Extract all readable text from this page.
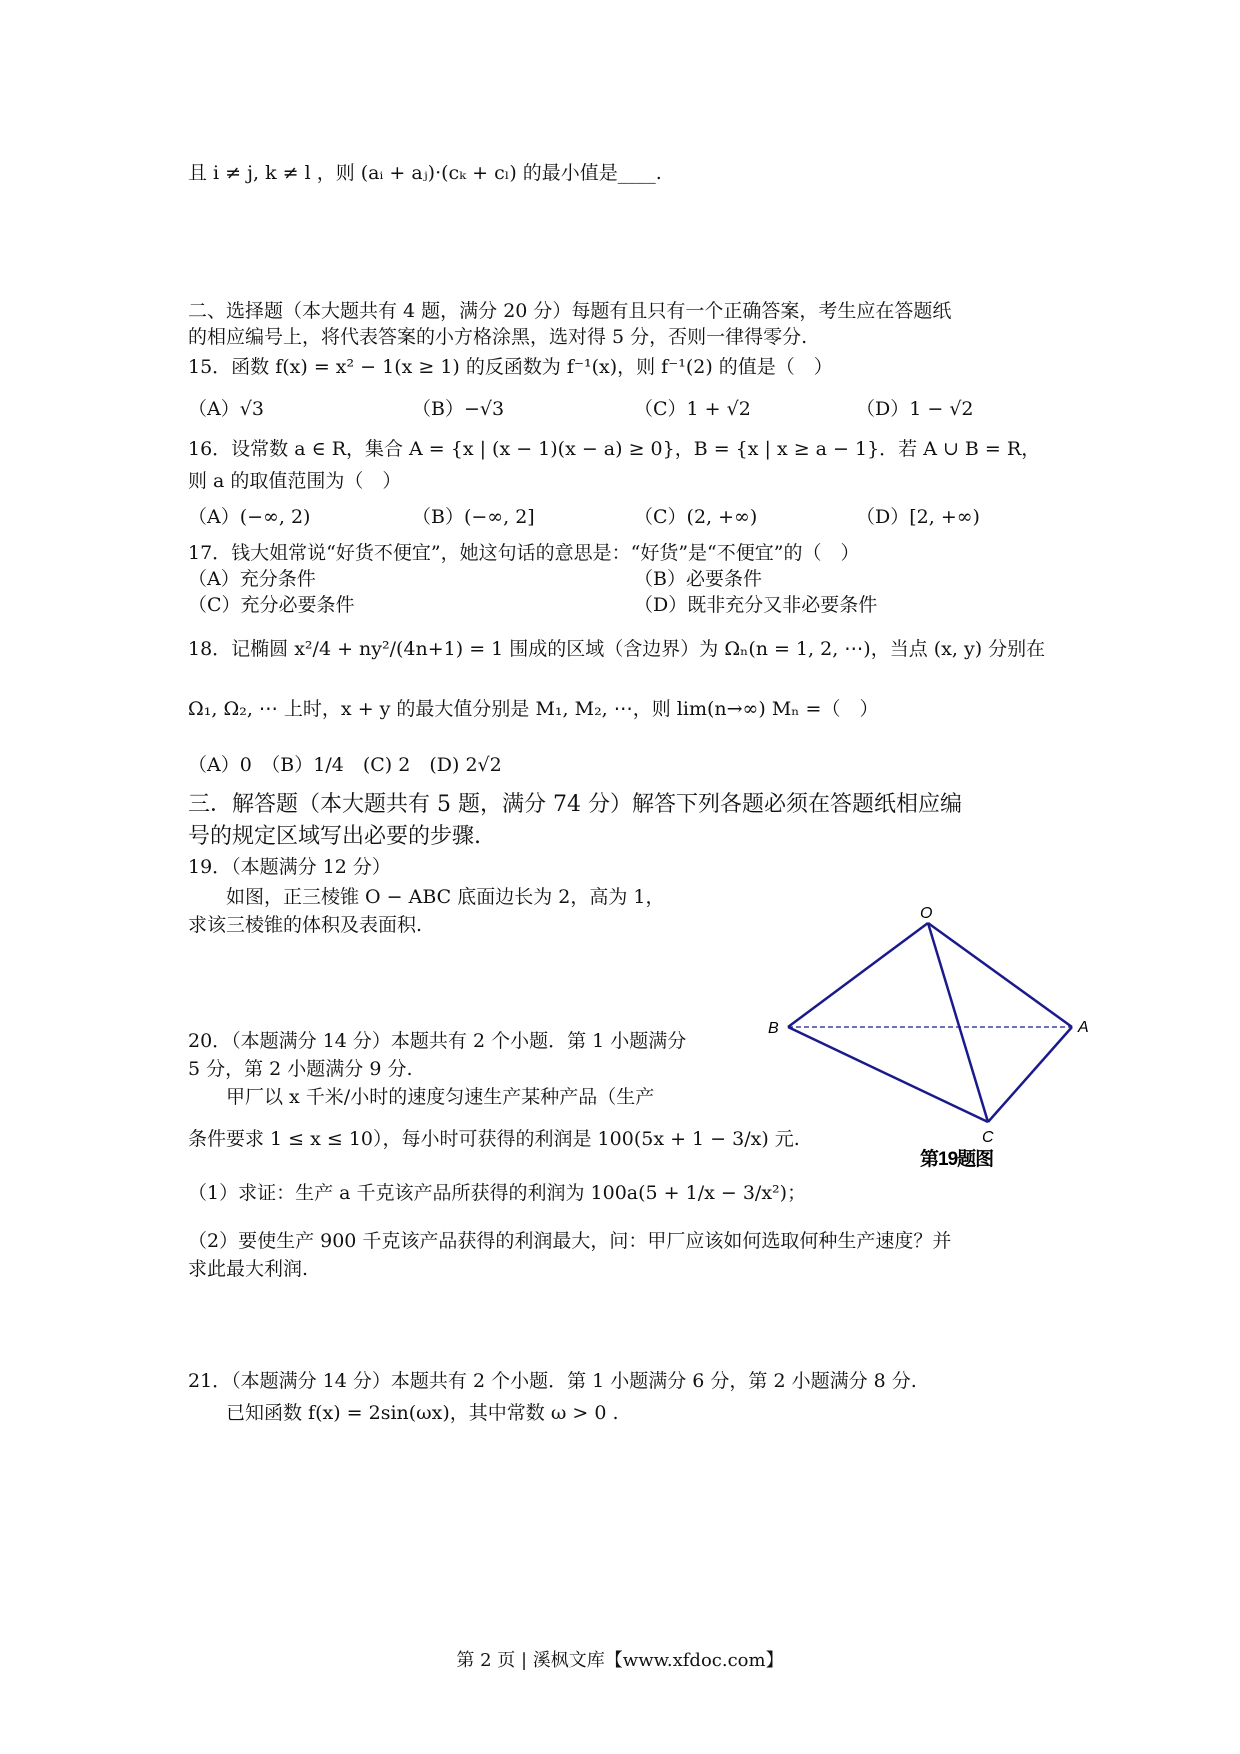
且 i ≠ j, k ≠ l ，则 (aᵢ + aⱼ)·(cₖ + cₗ) 的最小值是____.
二、选择题（本大题共有 4 题，满分 20 分）每题有且只有一个正确答案，考生应在答题纸
的相应编号上，将代表答案的小方格涂黑，选对得 5 分，否则一律得零分.
15．函数 f(x) = x² − 1(x ≥ 1) 的反函数为 f⁻¹(x)，则 f⁻¹(2) 的值是（　）
（A）√3	（B）−√3	（C）1 + √2	（D）1 − √2
16．设常数 a ∈ R，集合 A = {x | (x − 1)(x − a) ≥ 0}，B = {x | x ≥ a − 1}．若 A ∪ B = R，
则 a 的取值范围为（　）
（A）(−∞, 2)	（B）(−∞, 2]	（C）(2, +∞)	（D）[2, +∞)
17．钱大姐常说“好货不便宜”，她这句话的意思是：“好货”是“不便宜”的（　）
（A）充分条件	（B）必要条件
（C）充分必要条件	（D）既非充分又非必要条件
18．记椭圆 x²/4 + ny²/(4n+1) = 1 围成的区域（含边界）为 Ωₙ(n = 1, 2, ⋯)，当点 (x, y) 分别在
Ω₁, Ω₂, ⋯ 上时，x + y 的最大值分别是 M₁, M₂, ⋯，则 lim(n→∞) Mₙ =（　）
（A）0　（B）1/4　(C) 2　(D) 2√2
三．解答题（本大题共有 5 题，满分 74 分）解答下列各题必须在答题纸相应编
号的规定区域写出必要的步骤.
19．（本题满分 12 分）
　　如图，正三棱锥 O − ABC 底面边长为 2，高为 1，
求该三棱锥的体积及表面积.
O
A
B
C
第19题图
20．（本题满分 14 分）本题共有 2 个小题．第 1 小题满分
5 分，第 2 小题满分 9 分.
　　甲厂以 x 千米/小时的速度匀速生产某种产品（生产
条件要求 1 ≤ x ≤ 10），每小时可获得的利润是 100(5x + 1 − 3/x) 元.
（1）求证：生产 a 千克该产品所获得的利润为 100a(5 + 1/x − 3/x²)；
（2）要使生产 900 千克该产品获得的利润最大，问：甲厂应该如何选取何种生产速度？并
求此最大利润.
21．（本题满分 14 分）本题共有 2 个小题．第 1 小题满分 6 分，第 2 小题满分 8 分.
　　已知函数 f(x) = 2sin(ωx)，其中常数 ω > 0 .
第 2 页 | 溪枫文库【www.xfdoc.com】
